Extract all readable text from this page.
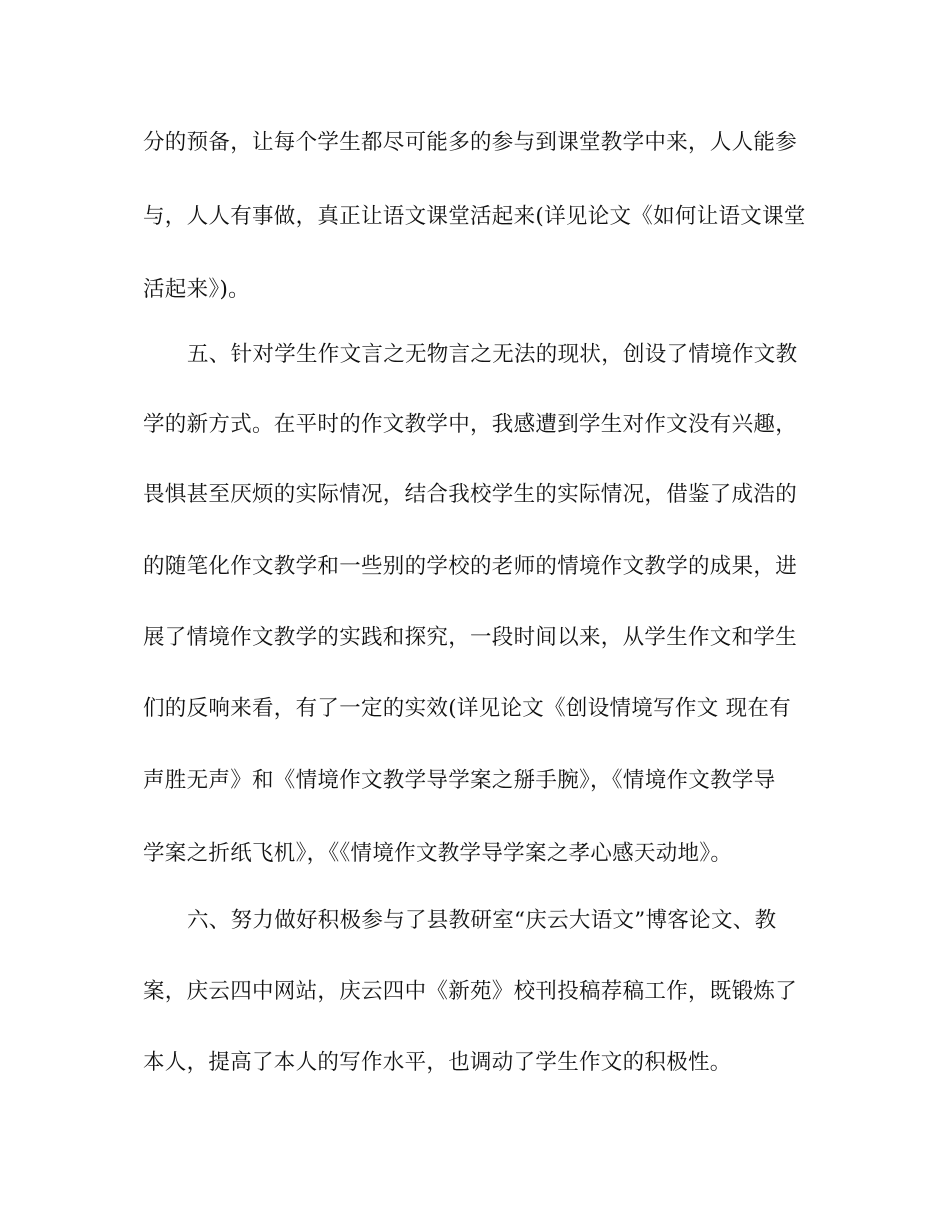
分的预备，让每个学生都尽可能多的参与到课堂教学中来，人人能参
与，人人有事做，真正让语文课堂活起来(详见论文《如何让语文课堂
活起来》)。
五、针对学生作文言之无物言之无法的现状，创设了情境作文教
学的新方式。在平时的作文教学中，我感遭到学生对作文没有兴趣，
畏惧甚至厌烦的实际情况，结合我校学生的实际情况，借鉴了成浩的
的随笔化作文教学和一些别的学校的老师的情境作文教学的成果，进
展了情境作文教学的实践和探究，一段时间以来，从学生作文和学生
们的反响来看，有了一定的实效(详见论文《创设情境写作文 现在有
声胜无声》和《情境作文教学导学案之掰手腕》，《情境作文教学导
学案之折纸飞机》，《《情境作文教学导学案之孝心感天动地》。
六、努力做好积极参与了县教研室“庆云大语文”博客论文、教
案，庆云四中网站，庆云四中《新苑》校刊投稿荐稿工作，既锻炼了
本人，提高了本人的写作水平，也调动了学生作文的积极性。
